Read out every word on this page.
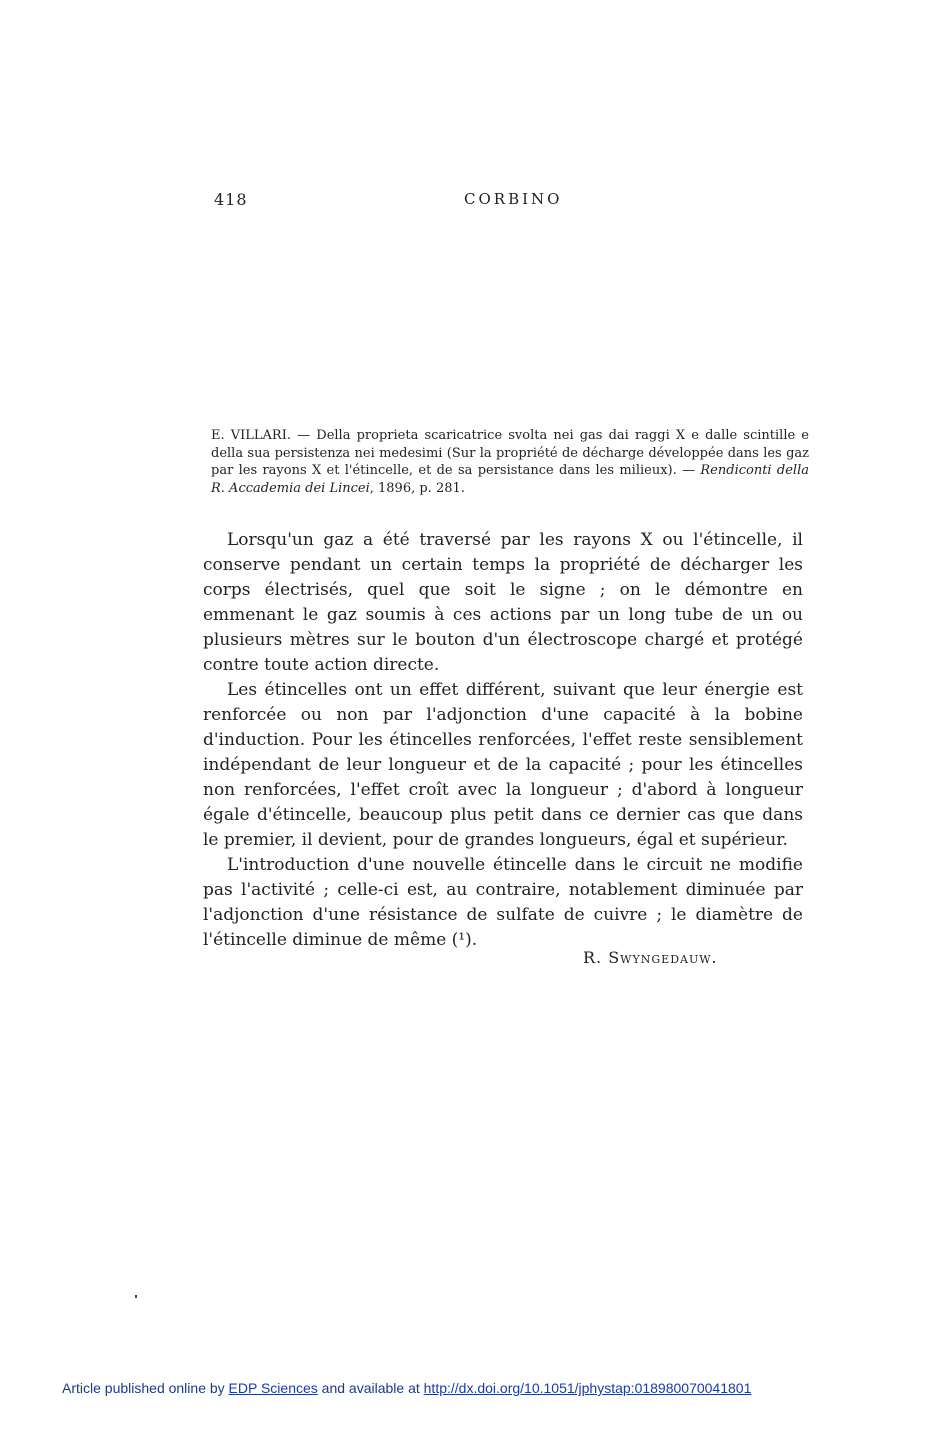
418	CORBINO
E. VILLARI. — Della proprieta scaricatrice svolta nei gas dai raggi X e dalle scintille e della sua persistenza nei medesimi (Sur la propriété de décharge développée dans les gaz par les rayons X et l'étincelle, et de sa persistance dans les milieux). — Rendiconti della R. Accademia dei Lincei, 1896, p. 281.

Lorsqu'un gaz a été traversé par les rayons X ou l'étincelle, il conserve pendant un certain temps la propriété de décharger les corps électrisés, quel que soit le signe ; on le démontre en emmenant le gaz soumis à ces actions par un long tube de un ou plusieurs mètres sur le bouton d'un électroscope chargé et protégé contre toute action directe.

Les étincelles ont un effet différent, suivant que leur énergie est renforcée ou non par l'adjonction d'une capacité à la bobine d'induction. Pour les étincelles renforcées, l'effet reste sensiblement indépendant de leur longueur et de la capacité ; pour les étincelles non renforcées, l'effet croît avec la longueur ; d'abord à longueur égale d'étincelle, beaucoup plus petit dans ce dernier cas que dans le premier, il devient, pour de grandes longueurs, égal et supérieur.

L'introduction d'une nouvelle étincelle dans le circuit ne modifie pas l'activité ; celle-ci est, au contraire, notablement diminuée par l'adjonction d'une résistance de sulfate de cuivre ; le diamètre de l'étincelle diminue de même (¹).

R. Swyngedauw.
Article published online by EDP Sciences and available at http://dx.doi.org/10.1051/jphystap:018980070041801
